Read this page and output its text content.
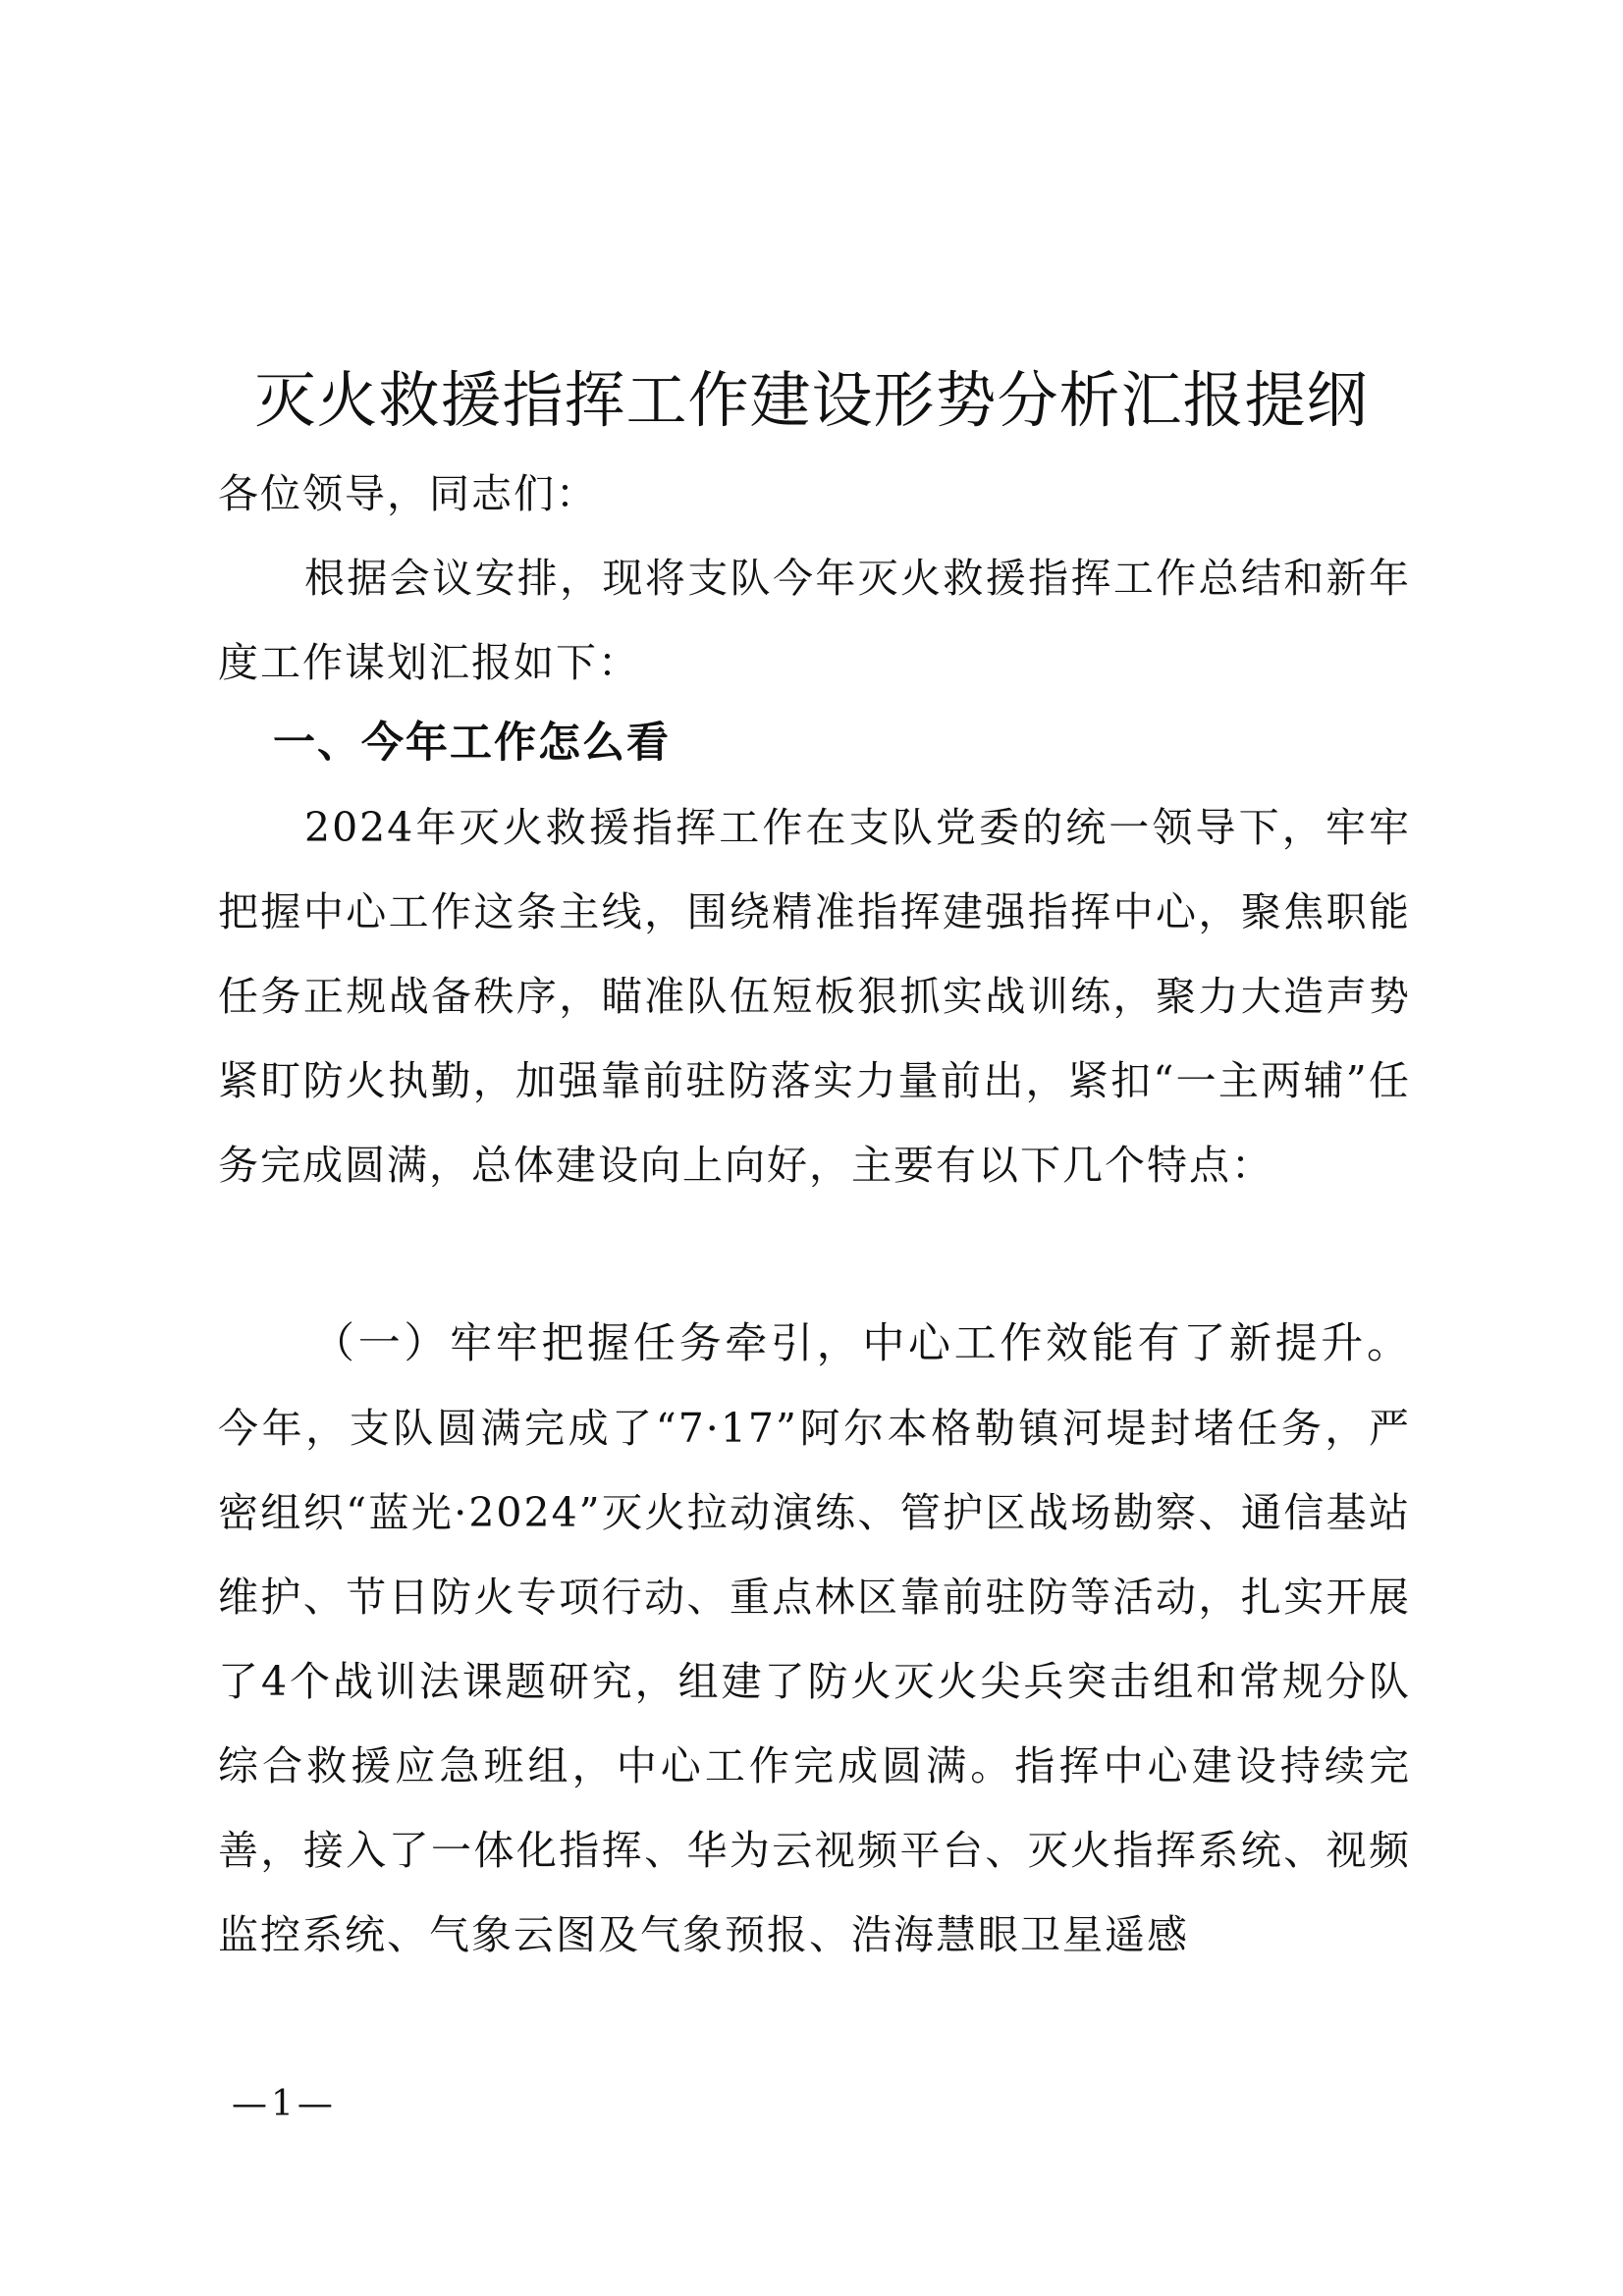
灭火救援指挥工作建设形势分析汇报提纲

各位领导，同志们：

根据会议安排，现将支队今年灭火救援指挥工作总结和新年度工作谋划汇报如下：

一、今年工作怎么看

2024年灭火救援指挥工作在支队党委的统一领导下，牢牢把握中心工作这条主线，围绕精准指挥建强指挥中心，聚焦职能任务正规战备秩序，瞄准队伍短板狠抓实战训练，聚力大造声势紧盯防火执勤，加强靠前驻防落实力量前出，紧扣“一主两辅”任务完成圆满，总体建设向上向好，主要有以下几个特点：

（一）牢牢把握任务牵引，中心工作效能有了新提升。今年，支队圆满完成了“7·17”阿尔本格勒镇河堤封堵任务，严密组织“蓝光·2024”灭火拉动演练、管护区战场勘察、通信基站维护、节日防火专项行动、重点林区靠前驻防等活动，扎实开展了4个战训法课题研究，组建了防火灭火尖兵突击组和常规分队综合救援应急班组，中心工作完成圆满。指挥中心建设持续完善，接入了一体化指挥、华为云视频平台、灭火指挥系统、视频监控系统、气象云图及气象预报、浩海慧眼卫星遥感

—1—
